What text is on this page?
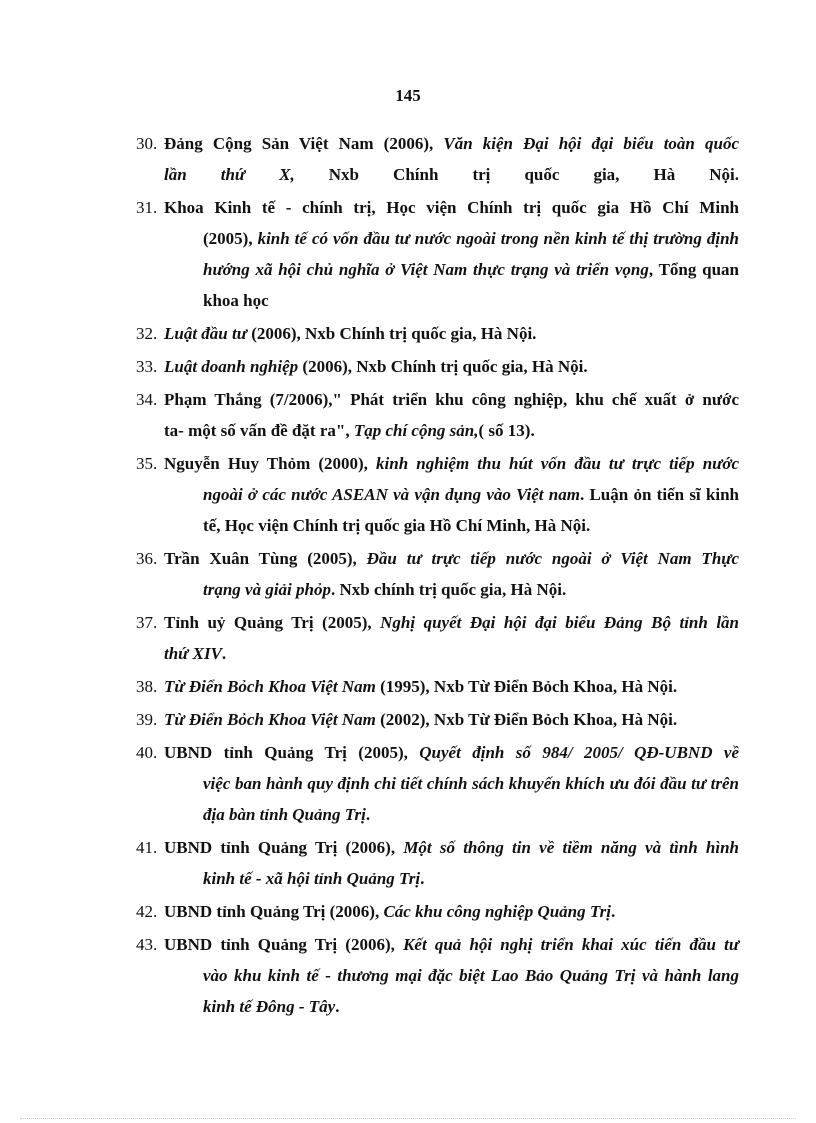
145
30. Đảng Cộng Sản Việt Nam (2006), Văn kiện Đại hội đại biểu toàn quốc
lần thứ X, Nxb Chính trị quốc gia, Hà Nội.
31. Khoa Kinh tế - chính trị, Học viện Chính trị quốc gia Hồ Chí Minh
(2005), kinh tế có vốn đầu tư nước ngoài trong nền kinh tế thị trường định hướng xã hội chủ nghĩa ở Việt Nam thực trạng và triển vọng, Tổng quan khoa học
32. Luật đầu tư (2006), Nxb Chính trị quốc gia, Hà Nội.
33. Luật doanh nghiệp (2006), Nxb Chính trị quốc gia, Hà Nội.
34. Phạm Thắng (7/2006)," Phát triển khu công nghiệp, khu chế xuất ở nước
ta- một số vấn đề đặt ra", Tạp chí cộng sản,( số 13).
35. Nguyễn Huy Thỏm (2000), kinh nghiệm thu hút vốn đầu tư trực tiếp nước
ngoài ở các nước ASEAN và vận dụng vào Việt nam. Luận ỏn tiến sĩ kinh tế, Học viện Chính trị quốc gia Hồ Chí Minh, Hà Nội.
36. Trần Xuân Tùng (2005), Đầu tư trực tiếp nước ngoài ở Việt Nam Thực
trạng và giải phỏp. Nxb chính trị quốc gia, Hà Nội.
37. Tỉnh uỷ Quảng Trị (2005), Nghị quyết Đại hội đại biểu Đảng Bộ tỉnh lần
thứ XIV.
38. Từ Điển Bỏch Khoa Việt Nam (1995), Nxb Từ Điển Bỏch Khoa, Hà Nội.
39. Từ Điển Bỏch Khoa Việt Nam (2002), Nxb Từ Điển Bỏch Khoa, Hà Nội.
40. UBND tỉnh Quảng Trị (2005), Quyết định số 984/ 2005/ QĐ-UBND về
việc ban hành quy định chi tiết chính sách khuyến khích ưu đói đầu tư trên địa bàn tỉnh Quảng Trị.
41. UBND tỉnh Quảng Trị (2006), Một số thông tin về tiềm năng và tình hình
kinh tế - xã hội tỉnh Quảng Trị.
42. UBND tỉnh Quảng Trị (2006), Các khu công nghiệp Quảng Trị.
43. UBND tỉnh Quảng Trị (2006), Kết quả hội nghị triển khai xúc tiến đầu tư
vào khu kinh tế - thương mại đặc biệt Lao Bảo Quảng Trị và hành lang kinh tế Đông - Tây.
